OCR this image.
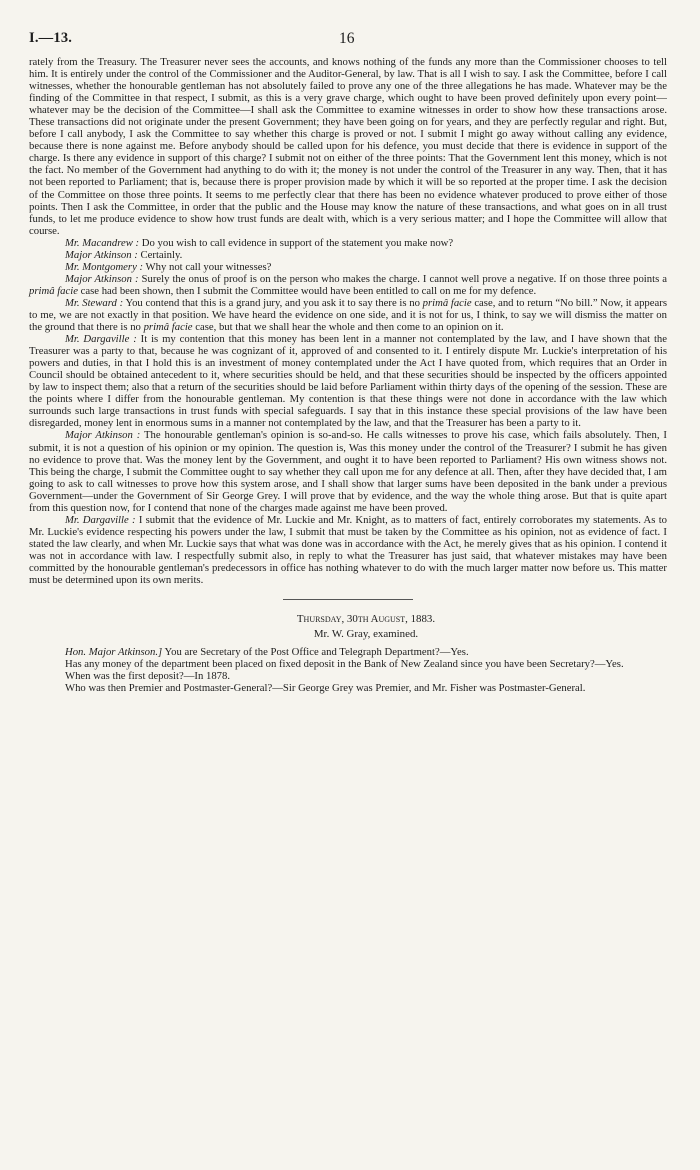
I.—13.	16

rately from the Treasury. The Treasurer never sees the accounts, and knows nothing of the funds any more than the Commissioner chooses to tell him. It is entirely under the control of the Commissioner and the Auditor-General, by law. That is all I wish to say. I ask the Committee, before I call witnesses, whether the honourable gentleman has not absolutely failed to prove any one of the three allegations he has made. Whatever may be the finding of the Committee in that respect, I submit, as this is a very grave charge, which ought to have been proved definitely upon every point—whatever may be the decision of the Committee—I shall ask the Committee to examine witnesses in order to show how these transactions arose. These transactions did not originate under the present Government; they have been going on for years, and they are perfectly regular and right. But, before I call anybody, I ask the Committee to say whether this charge is proved or not. I submit I might go away without calling any evidence, because there is none against me. Before anybody should be called upon for his defence, you must decide that there is evidence in support of the charge. Is there any evidence in support of this charge? I submit not on either of the three points: That the Government lent this money, which is not the fact. No member of the Government had anything to do with it; the money is not under the control of the Treasurer in any way. Then, that it has not been reported to Parliament; that is, because there is proper provision made by which it will be so reported at the proper time. I ask the decision of the Committee on those three points. It seems to me perfectly clear that there has been no evidence whatever produced to prove either of those points. Then I ask the Committee, in order that the public and the House may know the nature of these transactions, and what goes on in all trust funds, to let me produce evidence to show how trust funds are dealt with, which is a very serious matter; and I hope the Committee will allow that course.

Mr. Macandrew : Do you wish to call evidence in support of the statement you make now?

Major Atkinson : Certainly.

Mr. Montgomery : Why not call your witnesses?

Major Atkinson : Surely the onus of proof is on the person who makes the charge. I cannot well prove a negative. If on those three points a primâ facie case had been shown, then I submit the Committee would have been entitled to call on me for my defence.

Mr. Steward : You contend that this is a grand jury, and you ask it to say there is no primâ facie case, and to return “No bill.” Now, it appears to me, we are not exactly in that position. We have heard the evidence on one side, and it is not for us, I think, to say we will dismiss the matter on the ground that there is no primâ facie case, but that we shall hear the whole and then come to an opinion on it.

Mr. Dargaville : It is my contention that this money has been lent in a manner not contemplated by the law, and I have shown that the Treasurer was a party to that, because he was cognizant of it, approved of and consented to it. I entirely dispute Mr. Luckie's interpretation of his powers and duties, in that I hold this is an investment of money contemplated under the Act I have quoted from, which requires that an Order in Council should be obtained antecedent to it, where securities should be held, and that these securities should be inspected by the officers appointed by law to inspect them; also that a return of the securities should be laid before Parliament within thirty days of the opening of the session. These are the points where I differ from the honourable gentleman. My contention is that these things were not done in accordance with the law which surrounds such large transactions in trust funds with special safeguards. I say that in this instance these special provisions of the law have been disregarded, money lent in enormous sums in a manner not contemplated by the law, and that the Treasurer has been a party to it.

Major Atkinson : The honourable gentleman's opinion is so-and-so. He calls witnesses to prove his case, which fails absolutely. Then, I submit, it is not a question of his opinion or my opinion. The question is, Was this money under the control of the Treasurer? I submit he has given no evidence to prove that. Was the money lent by the Government, and ought it to have been reported to Parliament? His own witness shows not. This being the charge, I submit the Committee ought to say whether they call upon me for any defence at all. Then, after they have decided that, I am going to ask to call witnesses to prove how this system arose, and I shall show that larger sums have been deposited in the bank under a previous Government—under the Government of Sir George Grey. I will prove that by evidence, and the way the whole thing arose. But that is quite apart from this question now, for I contend that none of the charges made against me have been proved.

Mr. Dargaville : I submit that the evidence of Mr. Luckie and Mr. Knight, as to matters of fact, entirely corroborates my statements. As to Mr. Luckie's evidence respecting his powers under the law, I submit that must be taken by the Committee as his opinion, not as evidence of fact. I stated the law clearly, and when Mr. Luckie says that what was done was in accordance with the Act, he merely gives that as his opinion. I contend it was not in accordance with law. I respectfully submit also, in reply to what the Treasurer has just said, that whatever mistakes may have been committed by the honourable gentleman's predecessors in office has nothing whatever to do with the much larger matter now before us. This matter must be determined upon its own merits.

Thursday, 30th August, 1883.

Mr. W. Gray, examined.

Hon. Major Atkinson.] You are Secretary of the Post Office and Telegraph Department?—Yes.

Has any money of the department been placed on fixed deposit in the Bank of New Zealand since you have been Secretary?—Yes.

When was the first deposit?—In 1878.

Who was then Premier and Postmaster-General?—Sir George Grey was Premier, and Mr. Fisher was Postmaster-General.
